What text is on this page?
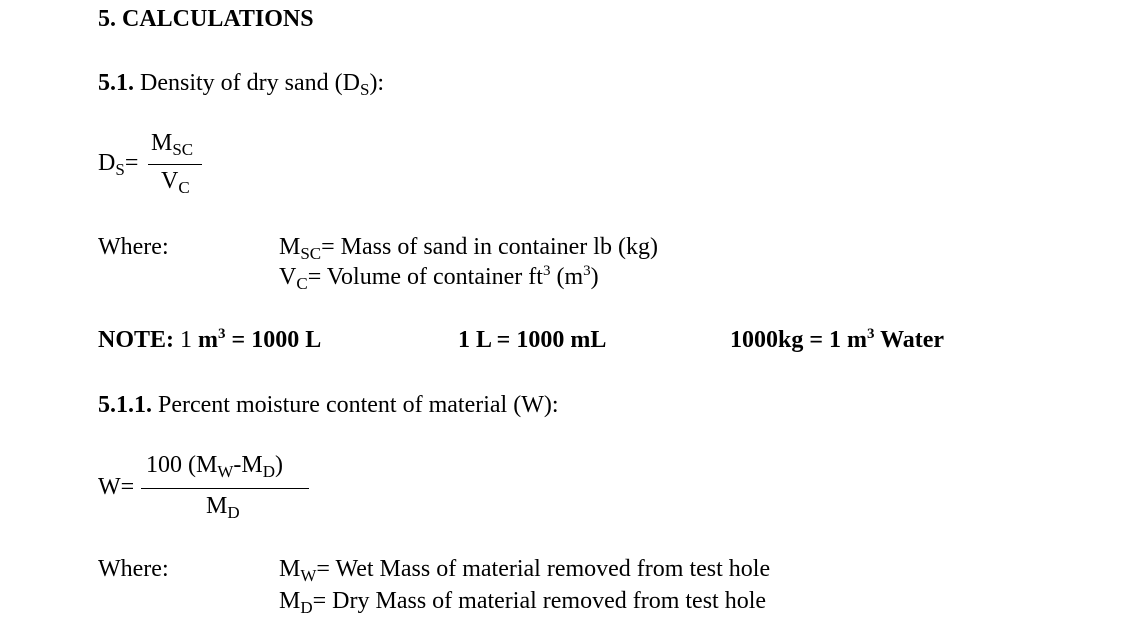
5. CALCULATIONS
5.1. Density of dry sand $(D_S)$:
$D_S=$
$M_{SC}$
$V_C$
Where:	$M_{SC}=$ Mass of sand in container lb (kg)
$V_C=$ Volume of container $ft^3$ $(m^3)$
NOTE: 1 $m^3 = 1000$ L	1 L = 1000 mL	1000kg = 1 $m^3$ Water
5.1.1. Percent moisture content of material (W):
W=
100 $(M_W-M_D)$
$M_D$
Where:	$M_W=$ Wet Mass of material removed from test hole
$M_D=$ Dry Mass of material removed from test hole
